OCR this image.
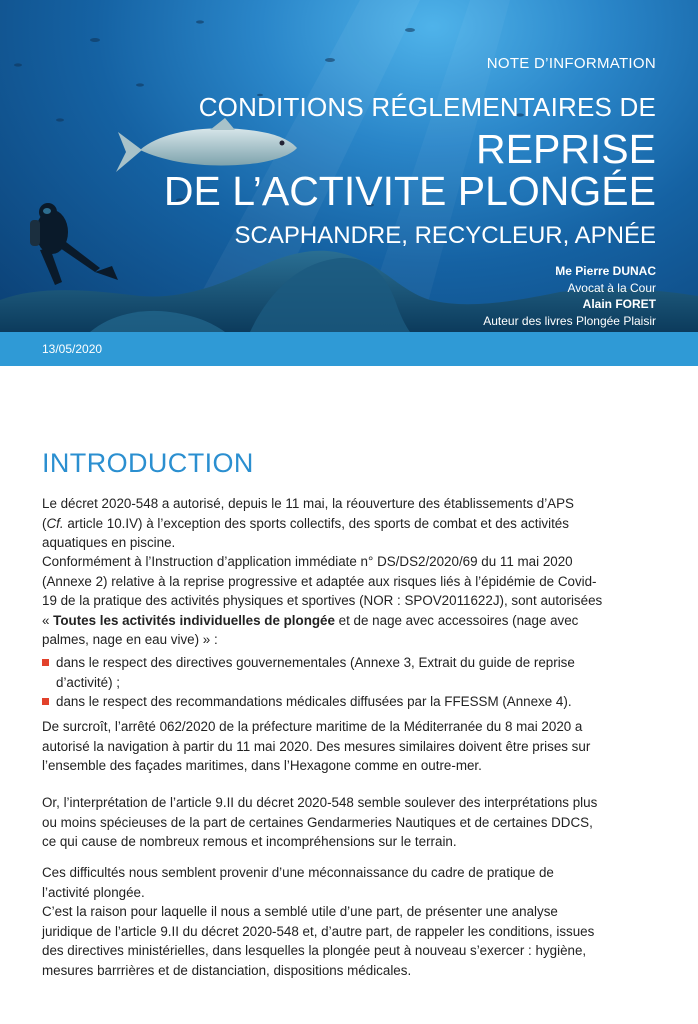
NOTE D’INFORMATION

CONDITIONS RÉGLEMENTAIRES DE

REPRISE

DE L’ACTIVITE PLONGÉE

SCAPHANDRE, RECYCLEUR, APNÉE

Me Pierre DUNAC
Avocat à la Cour
Alain FORET
Auteur des livres Plongée Plaisir
13/05/2020
INTRODUCTION
Le décret 2020-548 a autorisé, depuis le 11 mai, la réouverture des établissements d’APS
(Cf. article 10.IV) à l’exception des sports collectifs, des sports de combat et des activités
aquatiques en piscine.
Conformément à l’Instruction d’application immédiate n° DS/DS2/2020/69 du 11 mai 2020
(Annexe 2) relative à la reprise progressive et adaptée aux risques liés à l’épidémie de Covid-
19 de la pratique des activités physiques et sportives (NOR : SPOV2011622J), sont autorisées
« Toutes les activités individuelles de plongée et de nage avec accessoires (nage avec
palmes, nage en eau vive) » :
dans le respect des directives gouvernementales (Annexe 3, Extrait du guide de reprise
d’activité) ;
dans le respect des recommandations médicales diffusées par la FFESSM (Annexe 4).
De surcroît, l’arrêté 062/2020 de la préfecture maritime de la Méditerranée du 8 mai 2020 a
autorisé la navigation à partir du 11 mai 2020. Des mesures similaires doivent être prises sur
l’ensemble des façades maritimes, dans l’Hexagone comme en outre-mer.
Or, l’interprétation de l’article 9.II du décret 2020-548 semble soulever des interprétations plus
ou moins spécieuses de la part de certaines Gendarmeries Nautiques et de certaines DDCS,
ce qui cause de nombreux remous et incompréhensions sur le terrain.
Ces difficultés nous semblent provenir d’une méconnaissance du cadre de pratique de
l’activité plongée.
C’est la raison pour laquelle il nous a semblé utile d’une part, de présenter une analyse
juridique de l’article 9.II du décret 2020-548 et, d’autre part, de rappeler les conditions, issues
des directives ministérielles, dans lesquelles la plongée peut à nouveau s’exercer : hygiène,
mesures barrrières et de distanciation, dispositions médicales.
